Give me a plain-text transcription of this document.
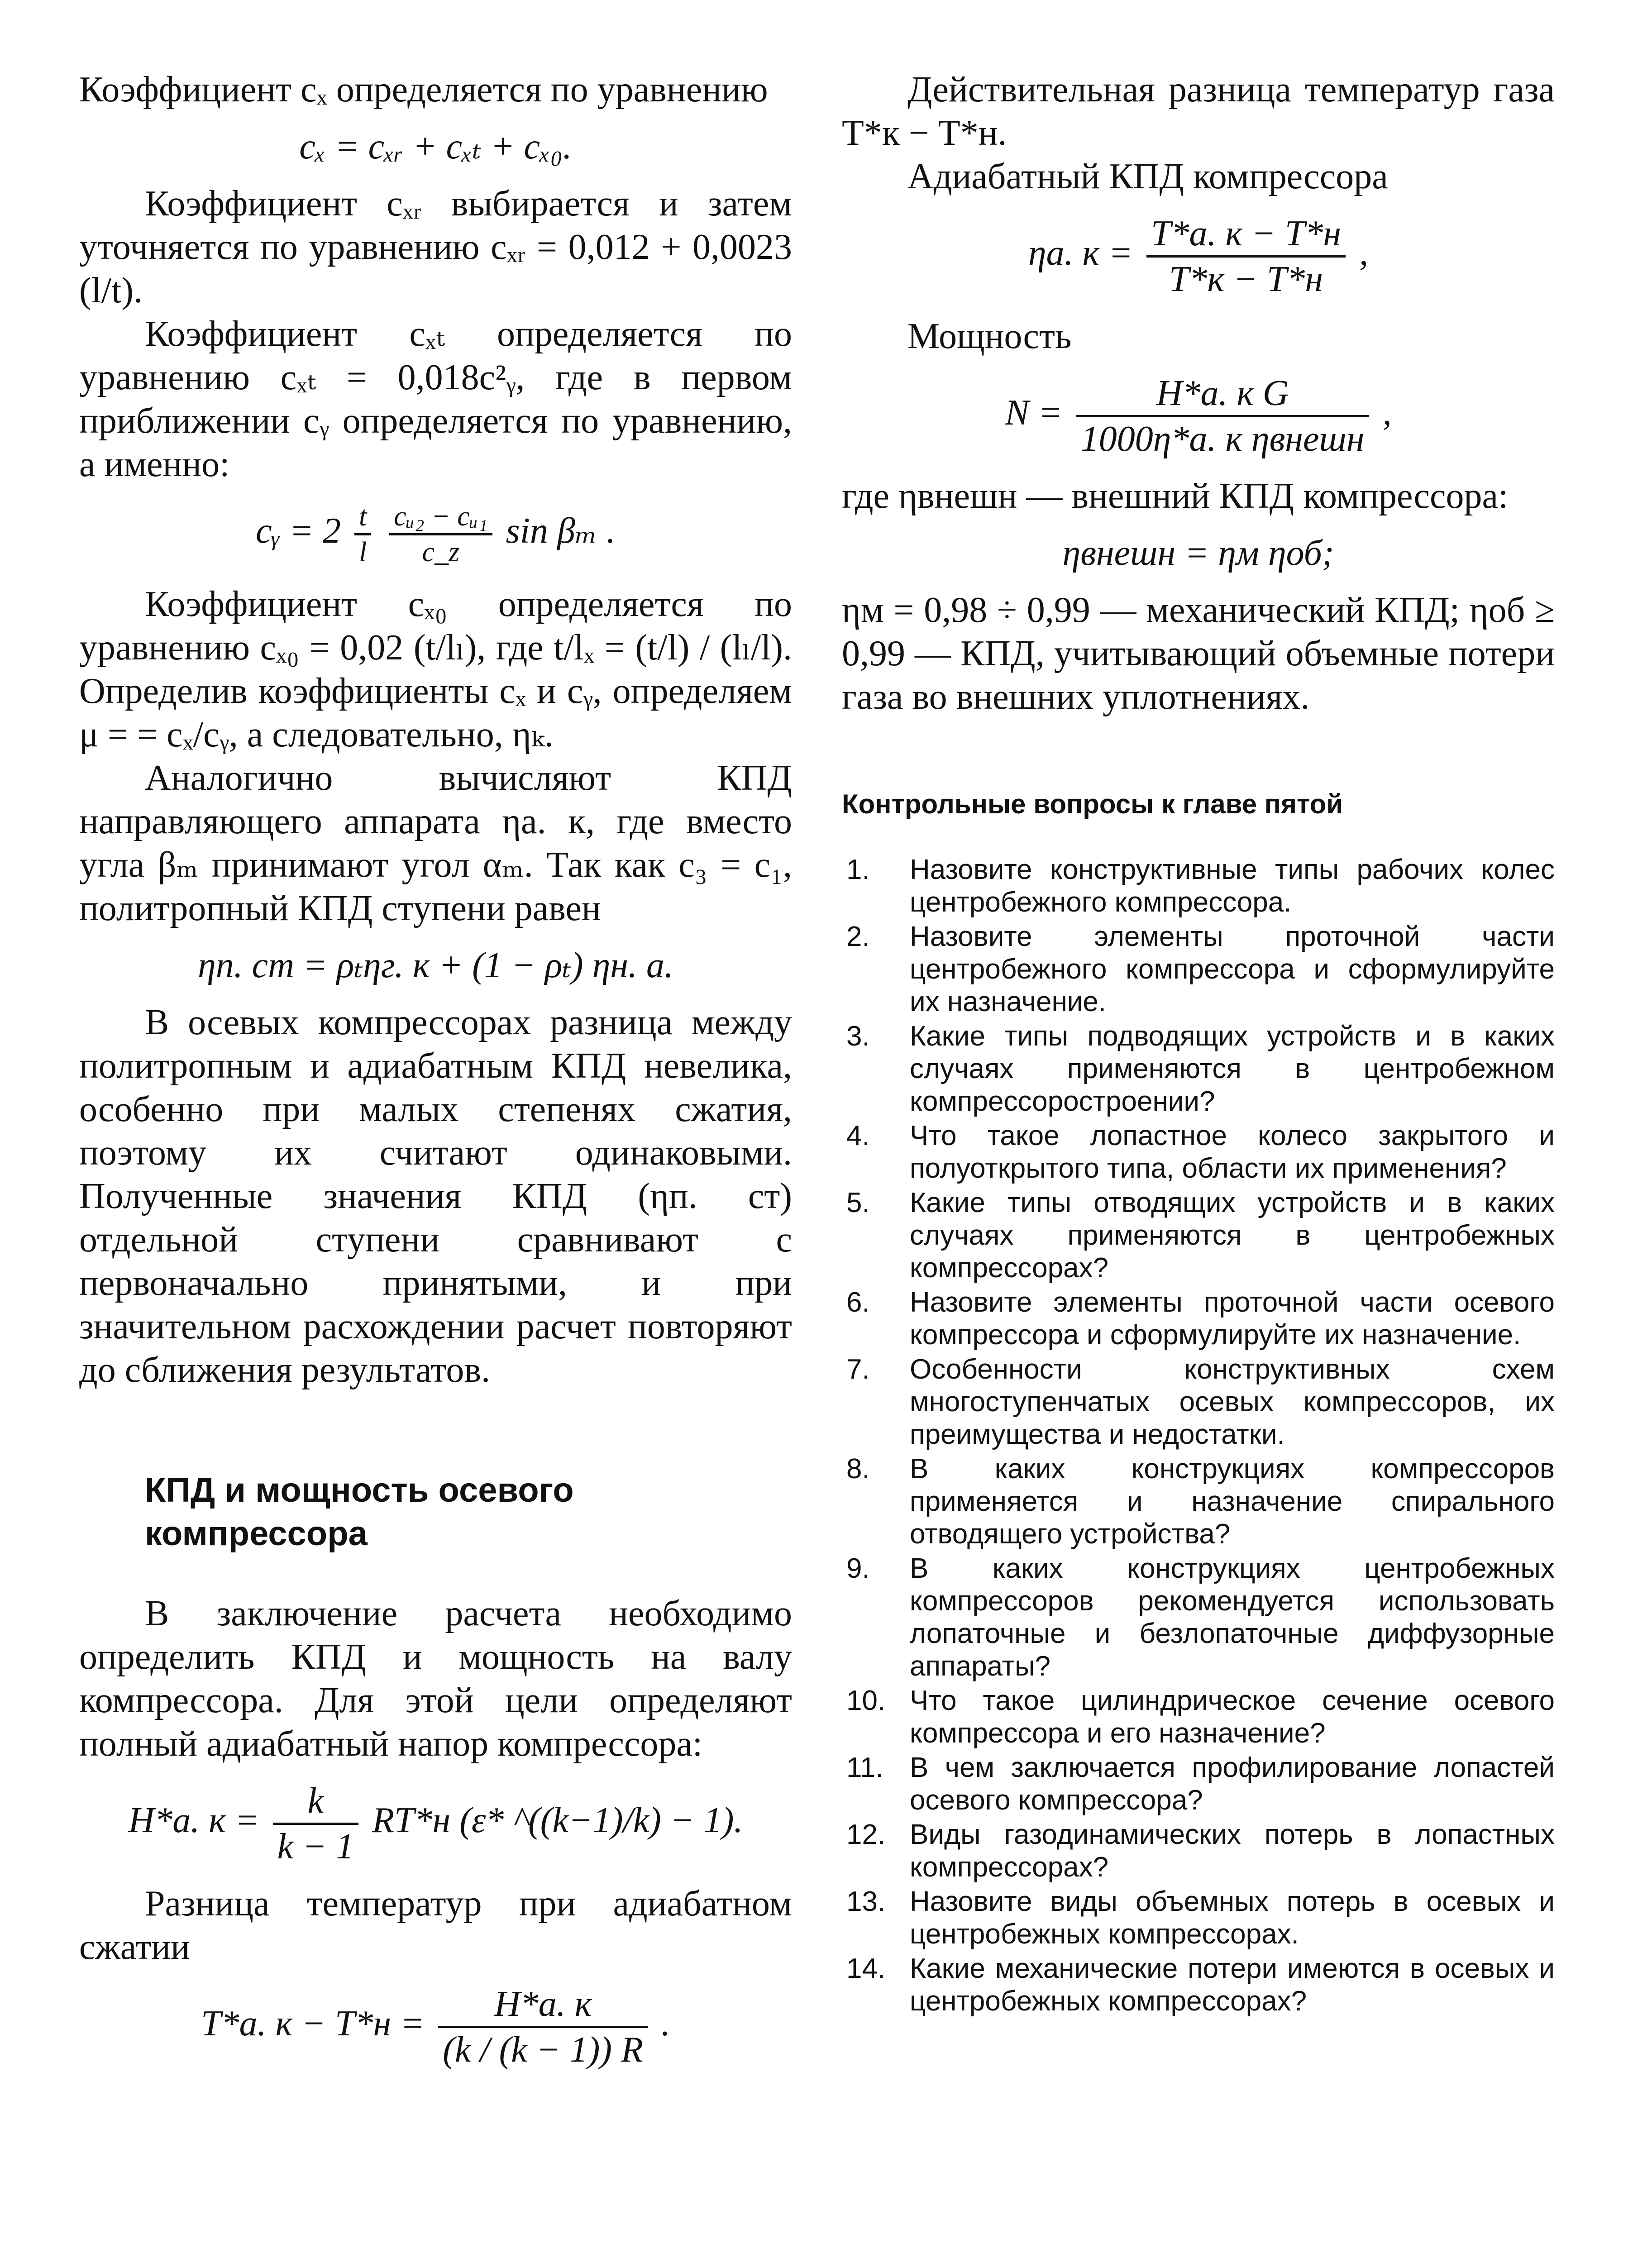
Коэффициент cₓ определяется по уравнению

cₓ = cₓᵣ + cₓₜ + cₓ₀.

Коэффициент cₓᵣ выбирается и затем уточняется по уравнению cₓᵣ = 0,012 + 0,0023 (l/t).

Коэффициент cₓₜ определяется по уравнению cₓₜ = 0,018c²ᵧ, где в первом приближении cᵧ определяется по уравнению, а именно:

cᵧ = $2 \frac{t}{l}$
$\frac{\text{cᵤ₂ − cᵤ₁}}{c\_z}$ sin βₘ .

Коэффициент cₓ₀ определяется по уравнению cₓ₀ = 0,02 (t/lₗ), где t/lₓ = (t/l) / (lₗ/l). Определив коэффициенты cₓ и cᵧ, определяем μ = = cₓ/cᵧ, а следовательно, ηₖ.

Аналогично вычисляют КПД направляющего аппарата ηа. к, где вместо угла βₘ принимают угол αₘ. Так как c₃ = c₁, политропный КПД ступени равен

ηп. ст = ρₜηг. к + (1 − ρₜ) ηн. а.

В осевых компрессорах разница между политропным и адиабатным КПД невелика, особенно при малых степенях сжатия, поэтому их считают одинаковыми. Полученные значения КПД (ηп. ст) отдельной ступени сравнивают с первоначально принятыми, и при значительном расхождении расчет повторяют до сближения результатов.

КПД и мощность осевого компрессора

В заключение расчета необходимо определить КПД и мощность на валу компрессора. Для этой цели определяют полный адиабатный напор компрессора:

H*а. $к = \frac{k}{k - 1} RT*н$ (ε* ^((k−1)/k) − 1).

Разница температур при адиабатном сжатии

T*а. $к - T*н = \frac{H*а. к}{(k / (k - 1)) R}$ .

Действительная разница температур газа T*к − T*н.

Адиабатный КПД компрессора

ηа. $к = \frac{T*а. к - T*н}{T*к - T*н}$ ,

Мощность

$N = \frac{\text{H*а. к G}}{\text{1000η*а. к ηвнешн}}$ ,

где ηвнешн — внешний КПД компрессора:

ηвнешн = ηм ηоб;

ηм = 0,98 ÷ 0,99 — механический КПД; ηоб ≥ 0,99 — КПД, учитывающий объемные потери газа во внешних уплотнениях.

Контрольные вопросы к главе пятой
1.	Назовите конструктивные типы рабочих колес центробежного компрессора.
2.	Назовите элементы проточной части центробежного компрессора и сформулируйте их назначение.
3.	Какие типы подводящих устройств и в каких случаях применяются в центробежном компрессоростроении?
4.	Что такое лопастное колесо закрытого и полуоткрытого типа, области их применения?
5.	Какие типы отводящих устройств и в каких случаях применяются в центробежных компрессорах?
6.	Назовите элементы проточной части осевого компрессора и сформулируйте их назначение.
7.	Особенности конструктивных схем многоступенчатых осевых компрессоров, их преимущества и недостатки.
8.	В каких конструкциях компрессоров применяется и назначение спирального отводящего устройства?
9.	В каких конструкциях центробежных компрессоров рекомендуется использовать лопаточные и безлопаточные диффузорные аппараты?
10. Что такое цилиндрическое сечение осевого компрессора и его назначение?
11. В чем заключается профилирование лопастей осевого компрессора?
12. Виды газодинамических потерь в лопастных компрессорах?
13. Назовите виды объемных потерь в осевых и центробежных компрессорах.
14. Какие механические потери имеются в осевых и центробежных компрессорах?
